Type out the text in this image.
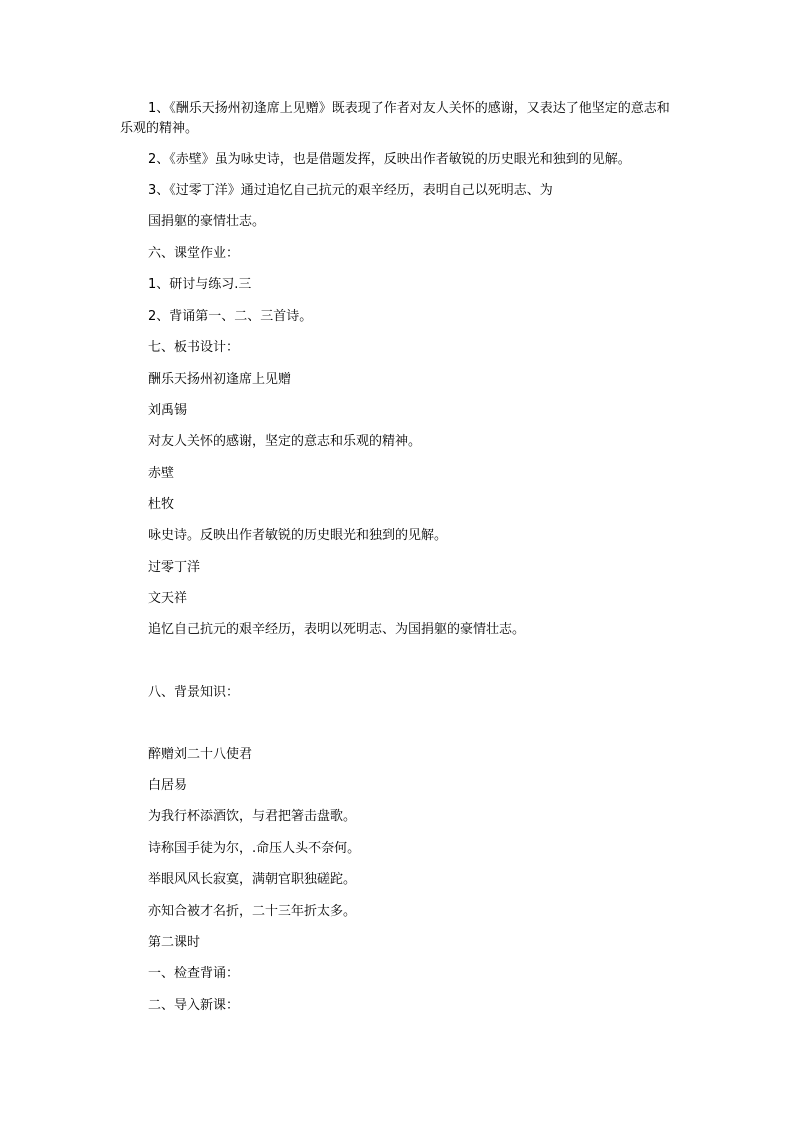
1、《酬乐天扬州初逢席上见赠》既表现了作者对友人关怀的感谢，又表达了他坚定的意志和乐观的精神。
2、《赤壁》虽为咏史诗，也是借题发挥，反映出作者敏锐的历史眼光和独到的见解。
3、《过零丁洋》通过追忆自己抗元的艰辛经历，表明自己以死明志、为
国捐躯的豪情壮志。
六、课堂作业：
1、研讨与练习.三
2、背诵第一、二、三首诗。
七、板书设计：
酬乐天扬州初逢席上见赠
刘禹锡
对友人关怀的感谢，坚定的意志和乐观的精神。
赤壁
杜牧
咏史诗。反映出作者敏锐的历史眼光和独到的见解。
过零丁洋
文天祥
追忆自己抗元的艰辛经历，表明以死明志、为国捐躯的豪情壮志。
八、背景知识：
醉赠刘二十八使君
白居易
为我行杯添酒饮，与君把箸击盘歌。
诗称国手徒为尔，.命压人头不奈何。
举眼风风长寂寞，满朝官职独磋跎。
亦知合被才名折，二十三年折太多。
第二课时
一、检查背诵：
二、导入新课：
